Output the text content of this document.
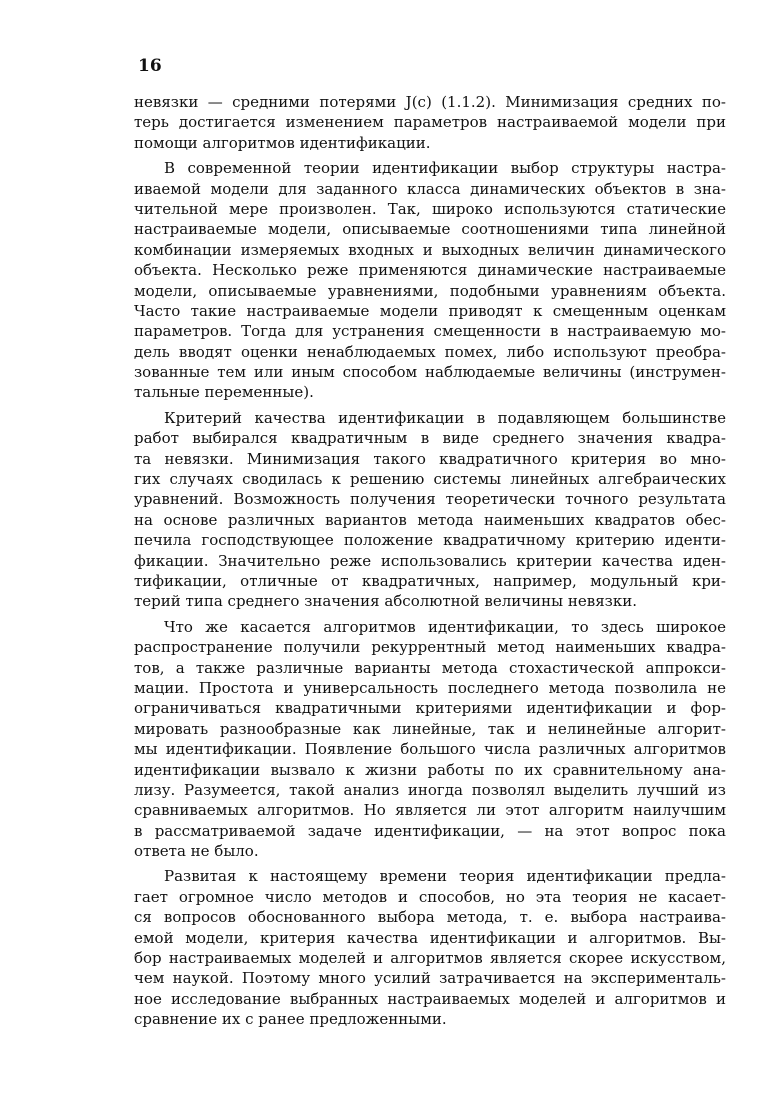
16
невязки — средними потерями J(c) (1.1.2). Минимизация средних по-
терь достигается изменением параметров настраиваемой модели при
помощи алгоритмов идентификации.
В современной теории идентификации выбор структуры настра-
иваемой модели для заданного класса динамических объектов в зна-
чительной мере произволен. Так, широко используются статические
настраиваемые модели, описываемые соотношениями типа линейной
комбинации измеряемых входных и выходных величин динамического
объекта. Несколько реже применяются динамические настраиваемые
модели, описываемые уравнениями, подобными уравнениям объекта.
Часто такие настраиваемые модели приводят к смещенным оценкам
параметров. Тогда для устранения смещенности в настраиваемую мо-
дель вводят оценки ненаблюдаемых помех, либо используют преобра-
зованные тем или иным способом наблюдаемые величины (инструмен-
тальные переменные).
Критерий качества идентификации в подавляющем большинстве
работ выбирался квадратичным в виде среднего значения квадра-
та невязки. Минимизация такого квадратичного критерия во мно-
гих случаях сводилась к решению системы линейных алгебраических
уравнений. Возможность получения теоретически точного результата
на основе различных вариантов метода наименьших квадратов обес-
печила господствующее положение квадратичному критерию иденти-
фикации. Значительно реже использовались критерии качества иден-
тификации, отличные от квадратичных, например, модульный кри-
терий типа среднего значения абсолютной величины невязки.
Что же касается алгоритмов идентификации, то здесь широкое
распространение получили рекуррентный метод наименьших квадра-
тов, а также различные варианты метода стохастической аппрокси-
мации. Простота и универсальность последнего метода позволила не
ограничиваться квадратичными критериями идентификации и фор-
мировать разнообразные как линейные, так и нелинейные алгорит-
мы идентификации. Появление большого числа различных алгоритмов
идентификации вызвало к жизни работы по их сравнительному ана-
лизу. Разумеется, такой анализ иногда позволял выделить лучший из
сравниваемых алгоритмов. Но является ли этот алгоритм наилучшим
в рассматриваемой задаче идентификации, — на этот вопрос пока
ответа не было.
Развитая к настоящему времени теория идентификации предла-
гает огромное число методов и способов, но эта теория не касает-
ся вопросов обоснованного выбора метода, т. е. выбора настраива-
емой модели, критерия качества идентификации и алгоритмов. Вы-
бор настраиваемых моделей и алгоритмов является скорее искусством,
чем наукой. Поэтому много усилий затрачивается на эксперименталь-
ное исследование выбранных настраиваемых моделей и алгоритмов и
сравнение их с ранее предложенными.
